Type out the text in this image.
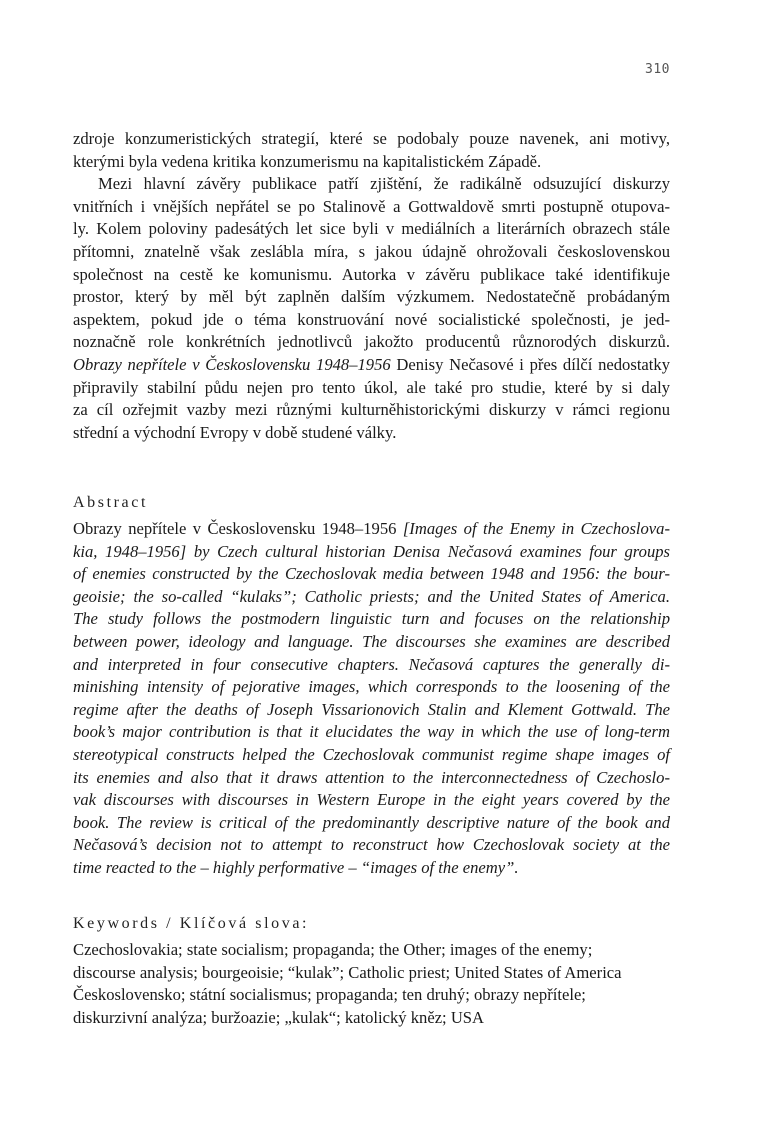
310
zdroje konzumeristických strategií, které se podobaly pouze navenek, ani motivy,
kterými byla vedena kritika konzumerismu na kapitalistickém Západě.
Mezi hlavní závěry publikace patří zjištění, že radikálně odsuzující diskurzy
vnitřních i vnějších nepřátel se po Stalinově a Gottwaldově smrti postupně otupova-
ly. Kolem poloviny padesátých let sice byli v mediálních a literárních obrazech stále
přítomni, znatelně však zeslábla míra, s jakou údajně ohrožovali československou
společnost na cestě ke komunismu. Autorka v závěru publikace také identifikuje
prostor, který by měl být zaplněn dalším výzkumem. Nedostatečně probádaným
aspektem, pokud jde o téma konstruování nové socialistické společnosti, je jed-
noznačně role konkrétních jednotlivců jakožto producentů různorodých diskurzů.
Obrazy nepřítele v Československu 1948–1956 Denisy Nečasové i přes dílčí nedostatky
připravily stabilní půdu nejen pro tento úkol, ale také pro studie, které by si daly
za cíl ozřejmit vazby mezi různými kulturněhistorickými diskurzy v rámci regionu
střední a východní Evropy v době studené války.
Abstract
Obrazy nepřítele v Československu 1948–1956 [Images of the Enemy in Czechoslova-
kia, 1948–1956] by Czech cultural historian Denisa Nečasová examines four groups
of enemies constructed by the Czechoslovak media between 1948 and 1956: the bour-
geoisie; the so-called “kulaks”; Catholic priests; and the United States of America.
The study follows the postmodern linguistic turn and focuses on the relationship
between power, ideology and language. The discourses she examines are described
and interpreted in four consecutive chapters. Nečasová captures the generally di-
minishing intensity of pejorative images, which corresponds to the loosening of the
regime after the deaths of Joseph Vissarionovich Stalin and Klement Gottwald. The
book’s major contribution is that it elucidates the way in which the use of long-term
stereotypical constructs helped the Czechoslovak communist regime shape images of
its enemies and also that it draws attention to the interconnectedness of Czechoslo-
vak discourses with discourses in Western Europe in the eight years covered by the
book. The review is critical of the predominantly descriptive nature of the book and
Nečasová’s decision not to attempt to reconstruct how Czechoslovak society at the
time reacted to the – highly performative – “images of the enemy”.
Keywords / Klíčová slova:
Czechoslovakia; state socialism; propaganda; the Other; images of the enemy;
discourse analysis; bourgeoisie; “kulak”; Catholic priest; United States of America
Československo; státní socialismus; propaganda; ten druhý; obrazy nepřítele;
diskurzivní analýza; buržoazie; „kulak“; katolický kněz; USA
